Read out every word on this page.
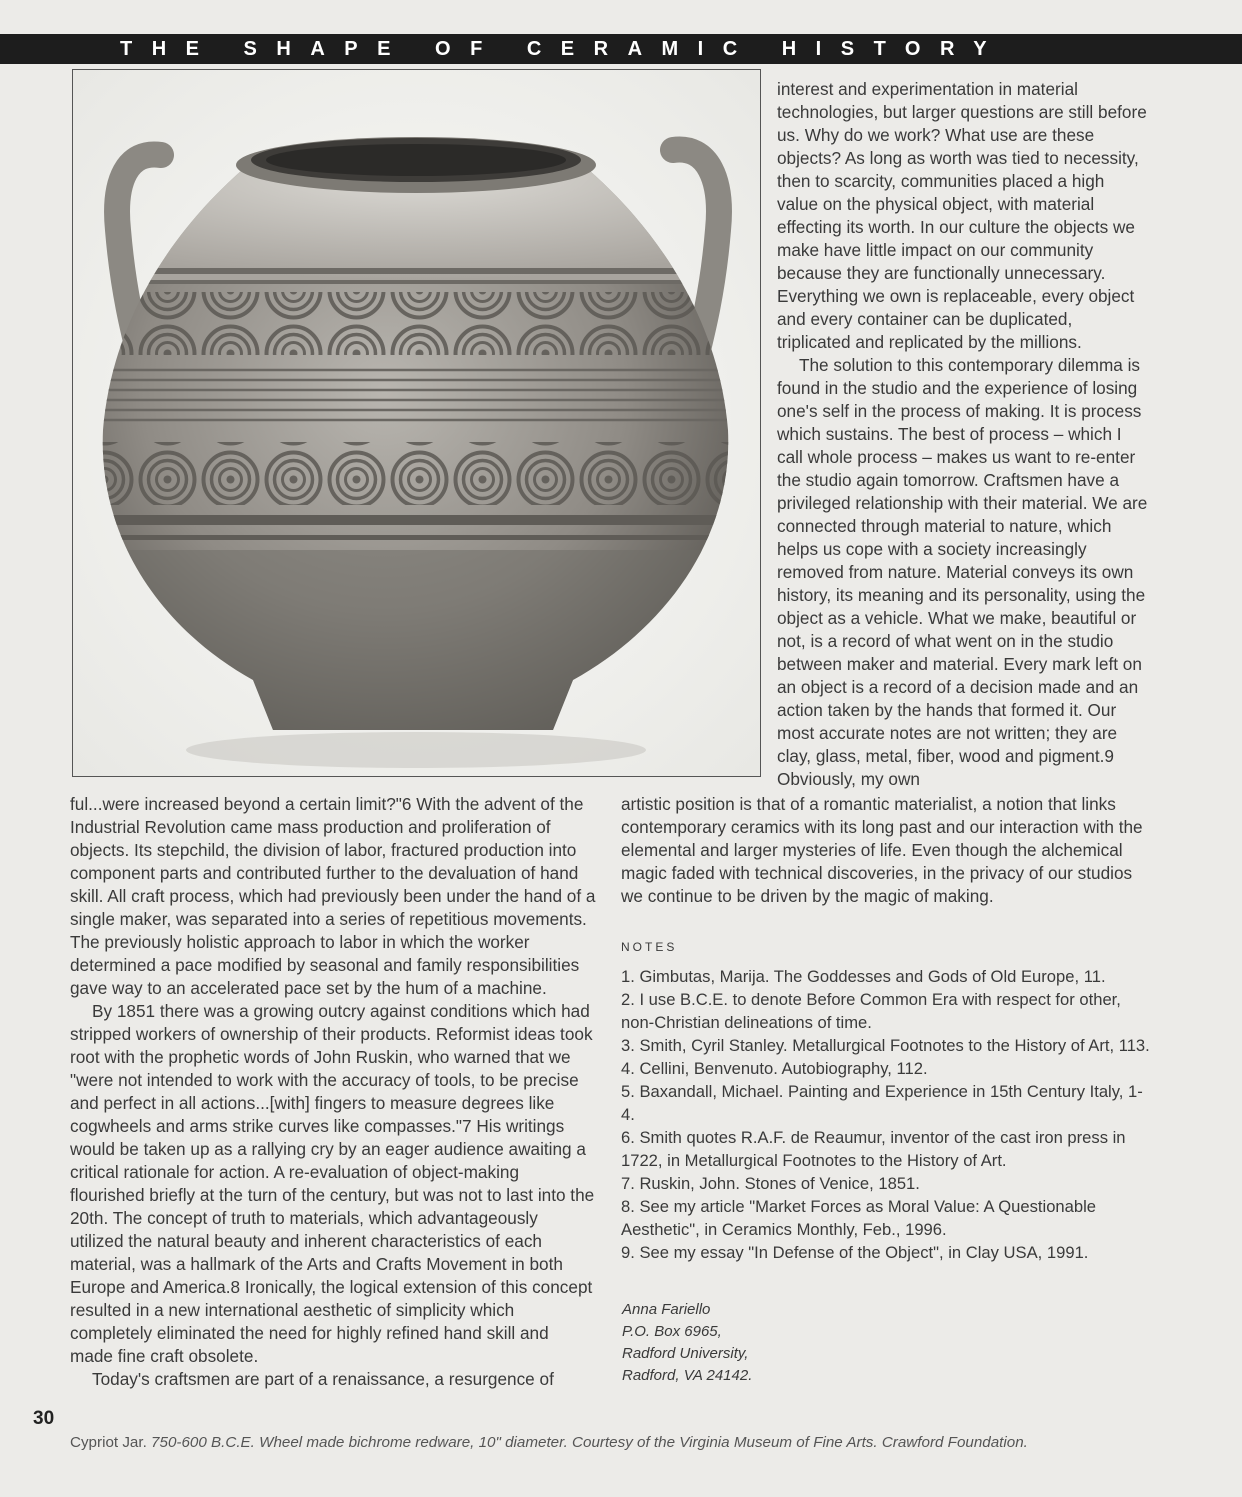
THE SHAPE OF CERAMIC HISTORY

interest and experimentation in material technologies, but larger questions are still before us. Why do we work? What use are these objects? As long as worth was tied to necessity, then to scarcity, communities placed a high value on the physical object, with material effecting its worth. In our culture the objects we make have little impact on our community because they are functionally unnecessary. Everything we own is replaceable, every object and every container can be duplicated, triplicated and replicated by the millions.

The solution to this contemporary dilemma is found in the studio and the experience of losing one's self in the process of making. It is process which sustains. The best of process – which I call whole process – makes us want to re-enter the studio again tomorrow. Craftsmen have a privileged relationship with their material. We are connected through material to nature, which helps us cope with a society increasingly removed from nature. Material conveys its own history, its meaning and its personality, using the object as a vehicle. What we make, beautiful or not, is a record of what went on in the studio between maker and material. Every mark left on an object is a record of a decision made and an action taken by the hands that formed it. Our most accurate notes are not written; they are clay, glass, metal, fiber, wood and pigment.9 Obviously, my own

artistic position is that of a romantic materialist, a notion that links contemporary ceramics with its long past and our interaction with the elemental and larger mysteries of life. Even though the alchemical magic faded with technical discoveries, in the privacy of our studios we continue to be driven by the magic of making.

ful...were increased beyond a certain limit?"6 With the advent of the Industrial Revolution came mass production and proliferation of objects. Its stepchild, the division of labor, fractured production into component parts and contributed further to the devaluation of hand skill. All craft process, which had previously been under the hand of a single maker, was separated into a series of repetitious movements. The previously holistic approach to labor in which the worker determined a pace modified by seasonal and family responsibilities gave way to an accelerated pace set by the hum of a machine.

By 1851 there was a growing outcry against conditions which had stripped workers of ownership of their products. Reformist ideas took root with the prophetic words of John Ruskin, who warned that we "were not intended to work with the accuracy of tools, to be precise and perfect in all actions...[with] fingers to measure degrees like cogwheels and arms strike curves like compasses."7 His writings would be taken up as a rallying cry by an eager audience awaiting a critical rationale for action. A re-evaluation of object-making flourished briefly at the turn of the century, but was not to last into the 20th. The concept of truth to materials, which advantageously utilized the natural beauty and inherent characteristics of each material, was a hallmark of the Arts and Crafts Movement in both Europe and America.8 Ironically, the logical extension of this concept resulted in a new international aesthetic of simplicity which completely eliminated the need for highly refined hand skill and made fine craft obsolete.

Today's craftsmen are part of a renaissance, a resurgence of

NOTES
1. Gimbutas, Marija. The Goddesses and Gods of Old Europe, 11.
2. I use B.C.E. to denote Before Common Era with respect for other, non-Christian delineations of time.
3. Smith, Cyril Stanley. Metallurgical Footnotes to the History of Art, 113.
4. Cellini, Benvenuto. Autobiography, 112.
5. Baxandall, Michael. Painting and Experience in 15th Century Italy, 1-4.
6. Smith quotes R.A.F. de Reaumur, inventor of the cast iron press in 1722, in Metallurgical Footnotes to the History of Art.
7. Ruskin, John. Stones of Venice, 1851.
8. See my article "Market Forces as Moral Value: A Questionable Aesthetic", in Ceramics Monthly, Feb., 1996.
9. See my essay "In Defense of the Object", in Clay USA, 1991.
Anna Fariello
P.O. Box 6965,
Radford University,
Radford, VA 24142.
30
Cypriot Jar. 750-600 B.C.E. Wheel made bichrome redware, 10" diameter. Courtesy of the Virginia Museum of Fine Arts. Crawford Foundation.
